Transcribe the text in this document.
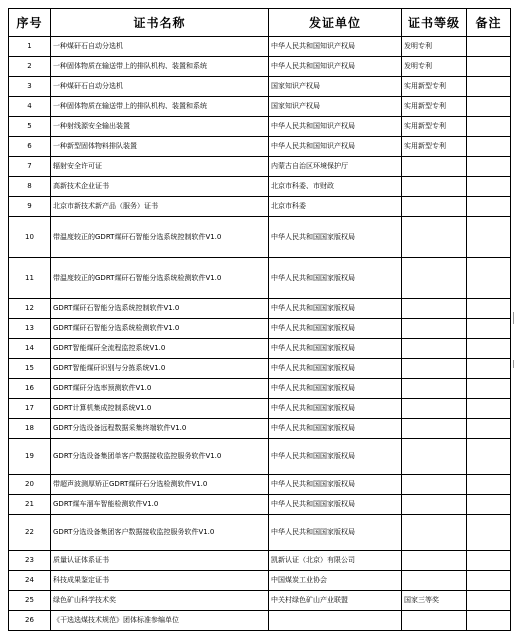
序号	证书名称	发证单位	证书等级	备注
1	一种煤矸石自动分选机	中华人民共和国知识产权局	发明专利	
2	一种固体物质在输送带上的排队机构、装置和系统	中华人民共和国知识产权局	发明专利	
3	一种煤矸石自动分选机	国家知识产权局	实用新型专利	
4	一种固体物质在输送带上的排队机构、装置和系统	国家知识产权局	实用新型专利	
5	一种射线源安全输出装置	中华人民共和国知识产权局	实用新型专利	
6	一种新型固体物料排队装置	中华人民共和国知识产权局	实用新型专利	
7	辐射安全许可证	内蒙古自治区环境保护厅		
8	高新技术企业证书	北京市科委、市财政		
9	北京市新技术新产品（服务）证书	北京市科委		
10	带温度较正的GDRT煤矸石智能分选系统控制软件V1.0	中华人民共和国国家版权局		
11	带温度较正的GDRT煤矸石智能分选系统检测软件V1.0	中华人民共和国国家版权局		
12	GDRT煤矸石智能分选系统控制软件V1.0	中华人民共和国国家版权局		
13	GDRT煤矸石智能分选系统检测软件V1.0	中华人民共和国国家版权局		
14	GDRT智能煤矸全流程监控系统V1.0	中华人民共和国国家版权局		
15	GDRT智能煤矸识别与分拣系统V1.0	中华人民共和国国家版权局		
16	GDRT煤矸分选率预测软件V1.0	中华人民共和国国家版权局		
17	GDRT计算机集成控制系统V1.0	中华人民共和国国家版权局		
18	GDRT分选设备远程数据采集终端软件V1.0	中华人民共和国国家版权局		
19	GDRT分选设备集团单客户数据接收监控服务软件V1.0	中华人民共和国国家版权局		
20	带超声波测厚矫正GDRT煤矸石分选检测软件V1.0	中华人民共和国国家版权局		
21	GDRT煤车溜车智能检测软件V1.0	中华人民共和国国家版权局		
22	GDRT分选设备集团客户数据接收监控服务软件V1.0	中华人民共和国国家版权局		
23	质量认证体系证书	凯新认证（北京）有限公司		
24	科技成果鉴定证书	中国煤炭工业协会		
25	绿色矿山科学技术奖	中关村绿色矿山产业联盟	国家三等奖	
26	《干选选煤技术规范》团体标准参编单位			
